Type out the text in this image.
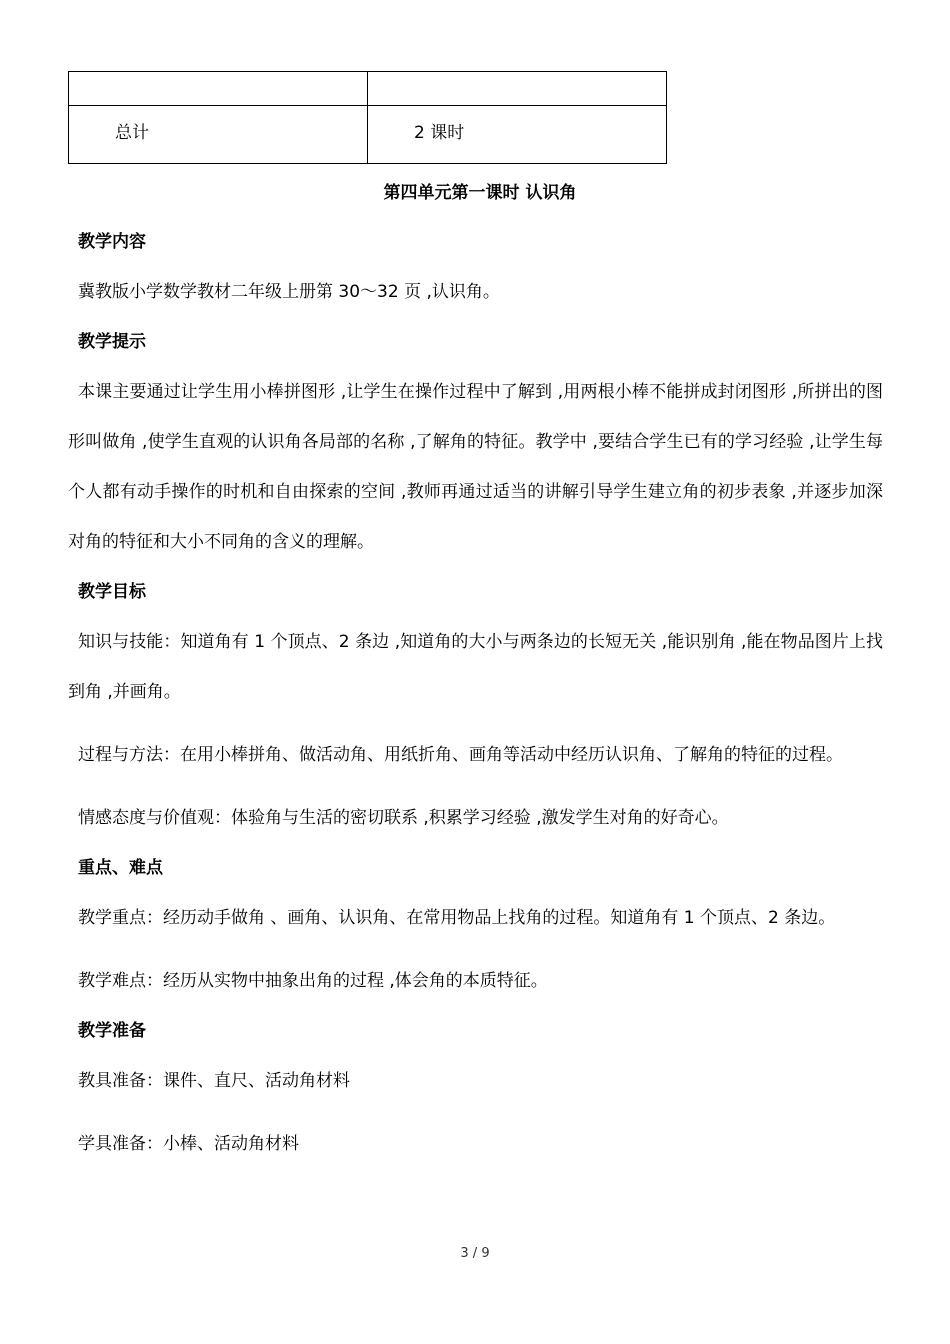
总计	2 课时
第四单元第一课时 认识角
教学内容
冀教版小学数学教材二年级上册第 30～32 页 ,认识角。
教学提示
本课主要通过让学生用小棒拼图形 ,让学生在操作过程中了解到 ,用两根小棒不能拼成封闭图形 ,所拼出的图形叫做角 ,使学生直观的认识角各局部的名称 ,了解角的特征。教学中 ,要结合学生已有的学习经验 ,让学生每个人都有动手操作的时机和自由探索的空间 ,教师再通过适当的讲解引导学生建立角的初步表象 ,并逐步加深对角的特征和大小不同角的含义的理解。
教学目标
知识与技能：知道角有 1 个顶点、2 条边 ,知道角的大小与两条边的长短无关 ,能识别角 ,能在物品图片上找到角 ,并画角。
过程与方法：在用小棒拼角、做活动角、用纸折角、画角等活动中经历认识角、了解角的特征的过程。
情感态度与价值观：体验角与生活的密切联系 ,积累学习经验 ,激发学生对角的好奇心。
重点、难点
教学重点：经历动手做角 、画角、认识角、在常用物品上找角的过程。知道角有 1 个顶点、2 条边。
教学难点：经历从实物中抽象出角的过程 ,体会角的本质特征。
教学准备
教具准备：课件、直尺、活动角材料
学具准备：小棒、活动角材料
3 / 9
